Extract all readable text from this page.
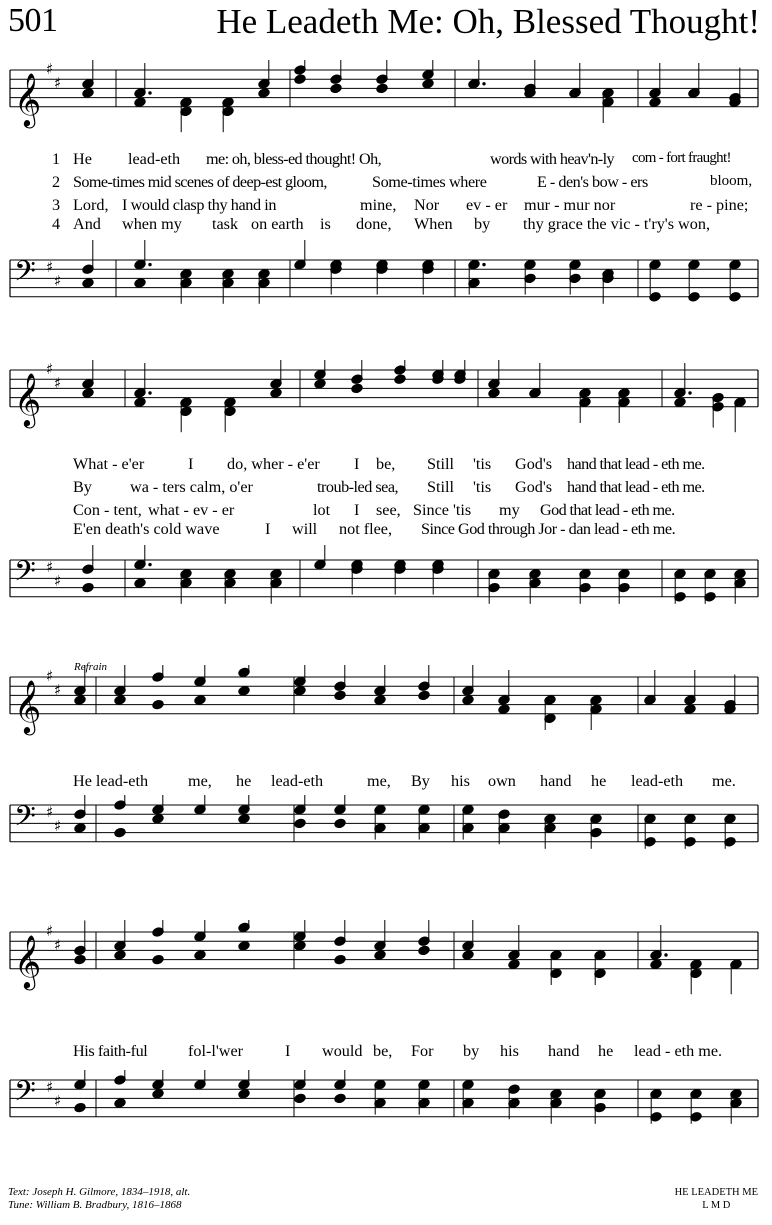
501	He Leadeth Me: Oh, Blessed Thought!
𝄞
♯
♯
1 He lead-eth me: oh, bless-ed thought! Oh,	words with heav'n-ly com - fort fraught!
2 Some-times mid scenes of deep-est gloom,	Some-times where	E - den's bow - ers	bloom,
3 Lord, I would clasp thy hand in	mine, Nor ev - er mur - mur nor	re - pine;
4 And when my task on earth is done, When by thy grace the vic - t'ry's won,
𝄢 ♯
♯
𝄞
♯
♯
What - e'er	I do, wher - e'er I be, Still 'tis God's hand that lead - eth me.
By wa - ters calm, o'er	troub-led sea, Still 'tis God's hand that lead - eth me.
Con - tent, what - ev - er	lot I see, Since 'tis my God that lead - eth me.
E'en death's cold wave	I will not flee, Since God through Jor - dan lead - eth me.
𝄢 ♯
♯
Refrain
𝄞
♯
♯
He lead-eth me, he lead-eth	me, By his own hand he lead-eth me.
𝄢 ♯
♯
𝄞
♯
♯
His faith-ful	fol-l'wer	I would be, For by his hand he lead - eth me.
𝄢 ♯
♯
Text: Joseph H. Gilmore, 1834–1918, alt.
Tune: William B. Bradbury, 1816–1868
HE LEADETH ME
L M D
